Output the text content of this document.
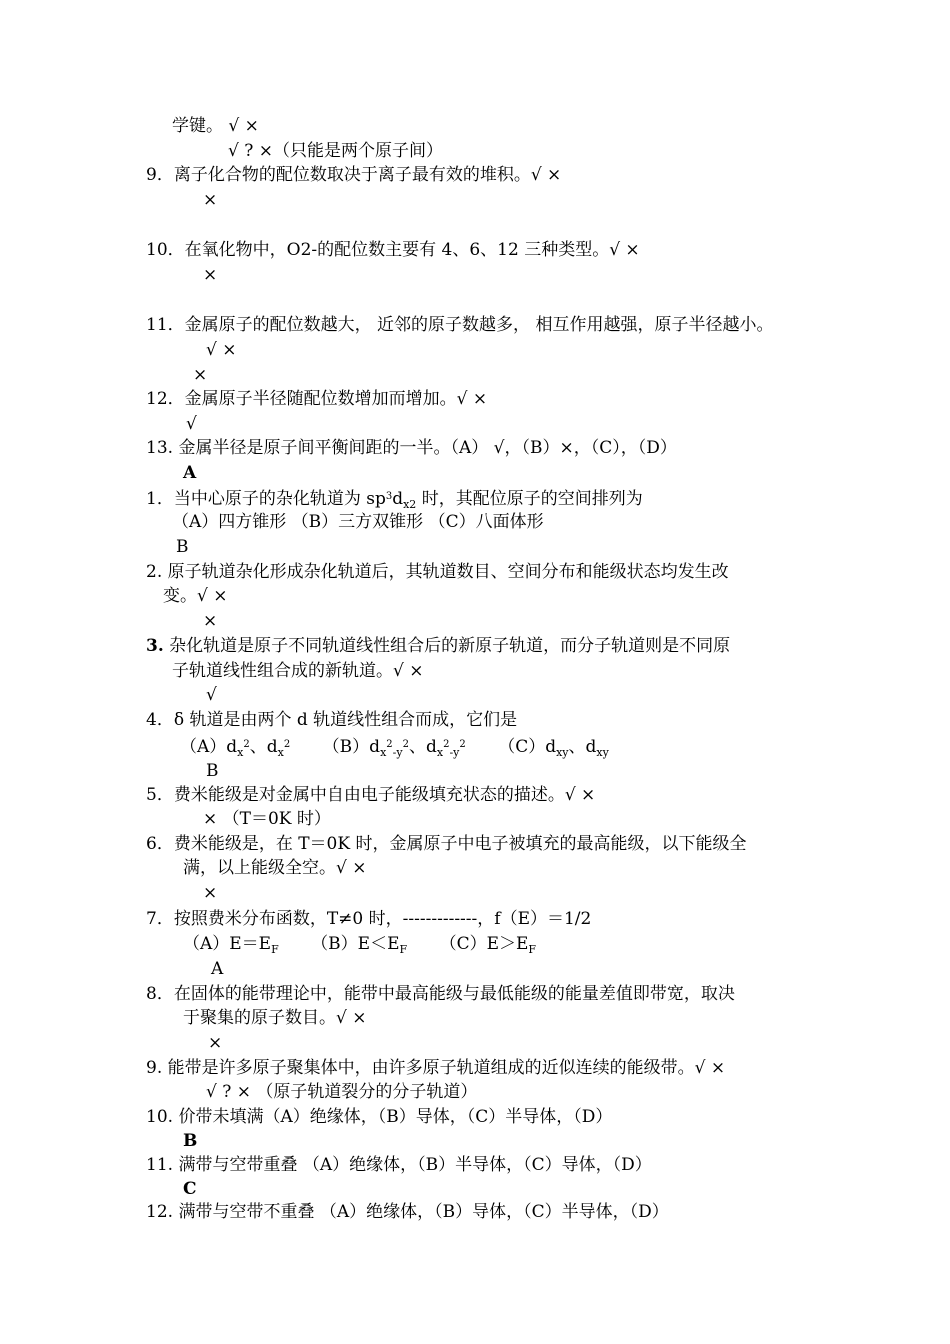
学键。 √ ×
√ ? ×（只能是两个原子间）
9．离子化合物的配位数取决于离子最有效的堆积。√ ×
×
10．在氧化物中，O2-的配位数主要有 4、6、12 三种类型。√ ×
×
11．金属原子的配位数越大， 近邻的原子数越多， 相互作用越强，原子半径越小。
√ ×
×
12．金属原子半径随配位数增加而增加。√ ×
√
13. 金属半径是原子间平衡间距的一半。（A） √，（B）×，（C），（D）
A
1．当中心原子的杂化轨道为 $sp^3d_{x2}$ 时，其配位原子的空间排列为
（A）四方锥形 （B）三方双锥形 （C）八面体形
B
2. 原子轨道杂化形成杂化轨道后，其轨道数目、空间分布和能级状态均发生改
变。√ ×
×
3. 杂化轨道是原子不同轨道线性组合后的新原子轨道，而分子轨道则是不同原
子轨道线性组合成的新轨道。√ ×
√
4．δ 轨道是由两个 d 轨道线性组合而成，它们是
$(A)d_x^2$、$d_x^2$      $(B)d_x^2_{-y}^2$、$d_x^2_{-y}^2$      $(C)d_{xy}$、$d_{xy}$
B
5．费米能级是对金属中自由电子能级填充状态的描述。√ ×
× （T＝0K 时）
6．费米能级是，在 T＝0K 时，金属原子中电子被填充的最高能级，以下能级全
满，以上能级全空。√ ×
×
7．按照费米分布函数，T≠0 时，-------------，f（E）＝1/2
$(A)E=E_F$      $(B)E<E_F$      $(C)E>E_F$
A
8．在固体的能带理论中，能带中最高能级与最低能级的能量差值即带宽，取决
于聚集的原子数目。√ ×
×
9. 能带是许多原子聚集体中，由许多原子轨道组成的近似连续的能级带。√ ×
√ ? × （原子轨道裂分的分子轨道）
10. 价带未填满（A）绝缘体，（B）导体，（C）半导体，（D）
B
11. 满带与空带重叠 （A）绝缘体，（B）半导体，（C）导体，（D）
C
12. 满带与空带不重叠 （A）绝缘体，（B）导体，（C）半导体，（D）
